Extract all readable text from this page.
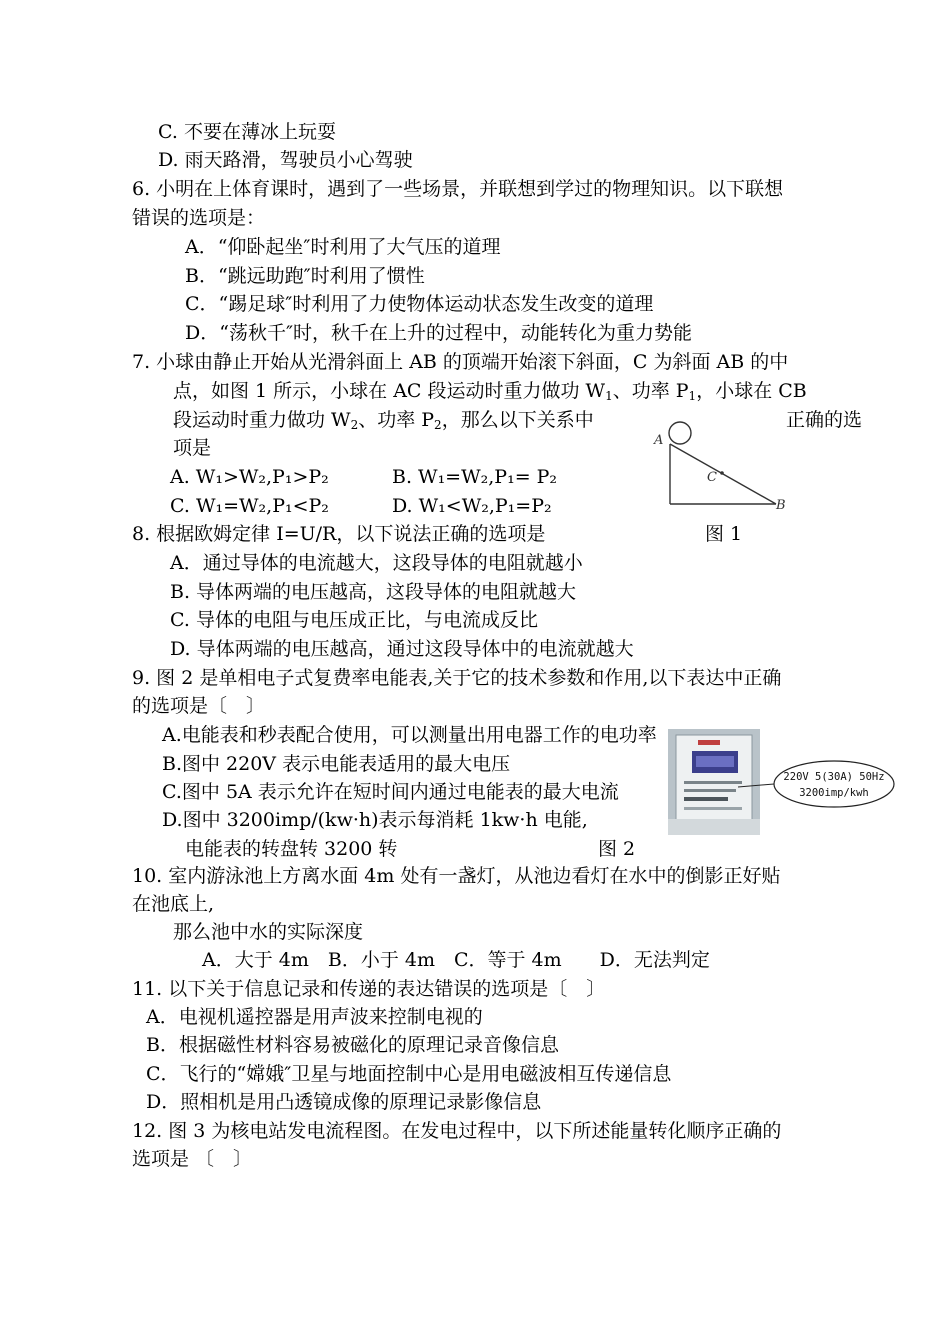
C. 不要在薄冰上玩耍
D. 雨天路滑，驾驶员小心驾驶
6. 小明在上体育课时，遇到了一些场景，并联想到学过的物理知识。以下联想
错误的选项是：
A．“仰卧起坐″时利用了大气压的道理
B．“跳远助跑″时利用了惯性
C．“踢足球″时利用了力使物体运动状态发生改变的道理
D．“荡秋千″时，秋千在上升的过程中，动能转化为重力势能
7. 小球由静止开始从光滑斜面上 AB 的顶端开始滚下斜面，C 为斜面 AB 的中
点，如图 1 所示，小球在 AC 段运动时重力做功 $W_1$、功率 $P_1$，小球在 CB
段运动时重力做功 $W_2$、功率 $P_2$，那么以下关系中	正确的选
项是
A. W₁>W₂,P₁>P₂	B. W₁=W₂,P₁= P₂
C. W₁=W₂,P₁<P₂	D. W₁<W₂,P₁=P₂
A
C
B
8. 根据欧姆定律 I=U/R，以下说法正确的选项是	图 1
A．通过导体的电流越大，这段导体的电阻就越小
B. 导体两端的电压越高，这段导体的电阻就越大
C. 导体的电阻与电压成正比，与电流成反比
D. 导体两端的电压越高，通过这段导体中的电流就越大
9. 图 2 是单相电子式复费率电能表,关于它的技术参数和作用,以下表达中正确
的选项是〔　〕
A.电能表和秒表配合使用，可以测量出用电器工作的电功率
B.图中 220V 表示电能表适用的最大电压
220V 5(30A) 50Hz
3200imp/kwh
C.图中 5A 表示允许在短时间内通过电能表的最大电流
D.图中 3200imp/(kw·h)表示每消耗 1kw·h 电能,
电能表的转盘转 3200 转	图 2
10. 室内游泳池上方离水面 4m 处有一盏灯，从池边看灯在水中的倒影正好贴
在池底上,
那么池中水的实际深度
A．大于 4m　B．小于 4m　C．等于 4m　　D．无法判定
11. 以下关于信息记录和传递的表达错误的选项是〔　〕
A．电视机遥控器是用声波来控制电视的
B．根据磁性材料容易被磁化的原理记录音像信息
C．飞行的“嫦娥″卫星与地面控制中心是用电磁波相互传递信息
D．照相机是用凸透镜成像的原理记录影像信息
12. 图 3 为核电站发电流程图。在发电过程中，以下所述能量转化顺序正确的
选项是 〔　〕
